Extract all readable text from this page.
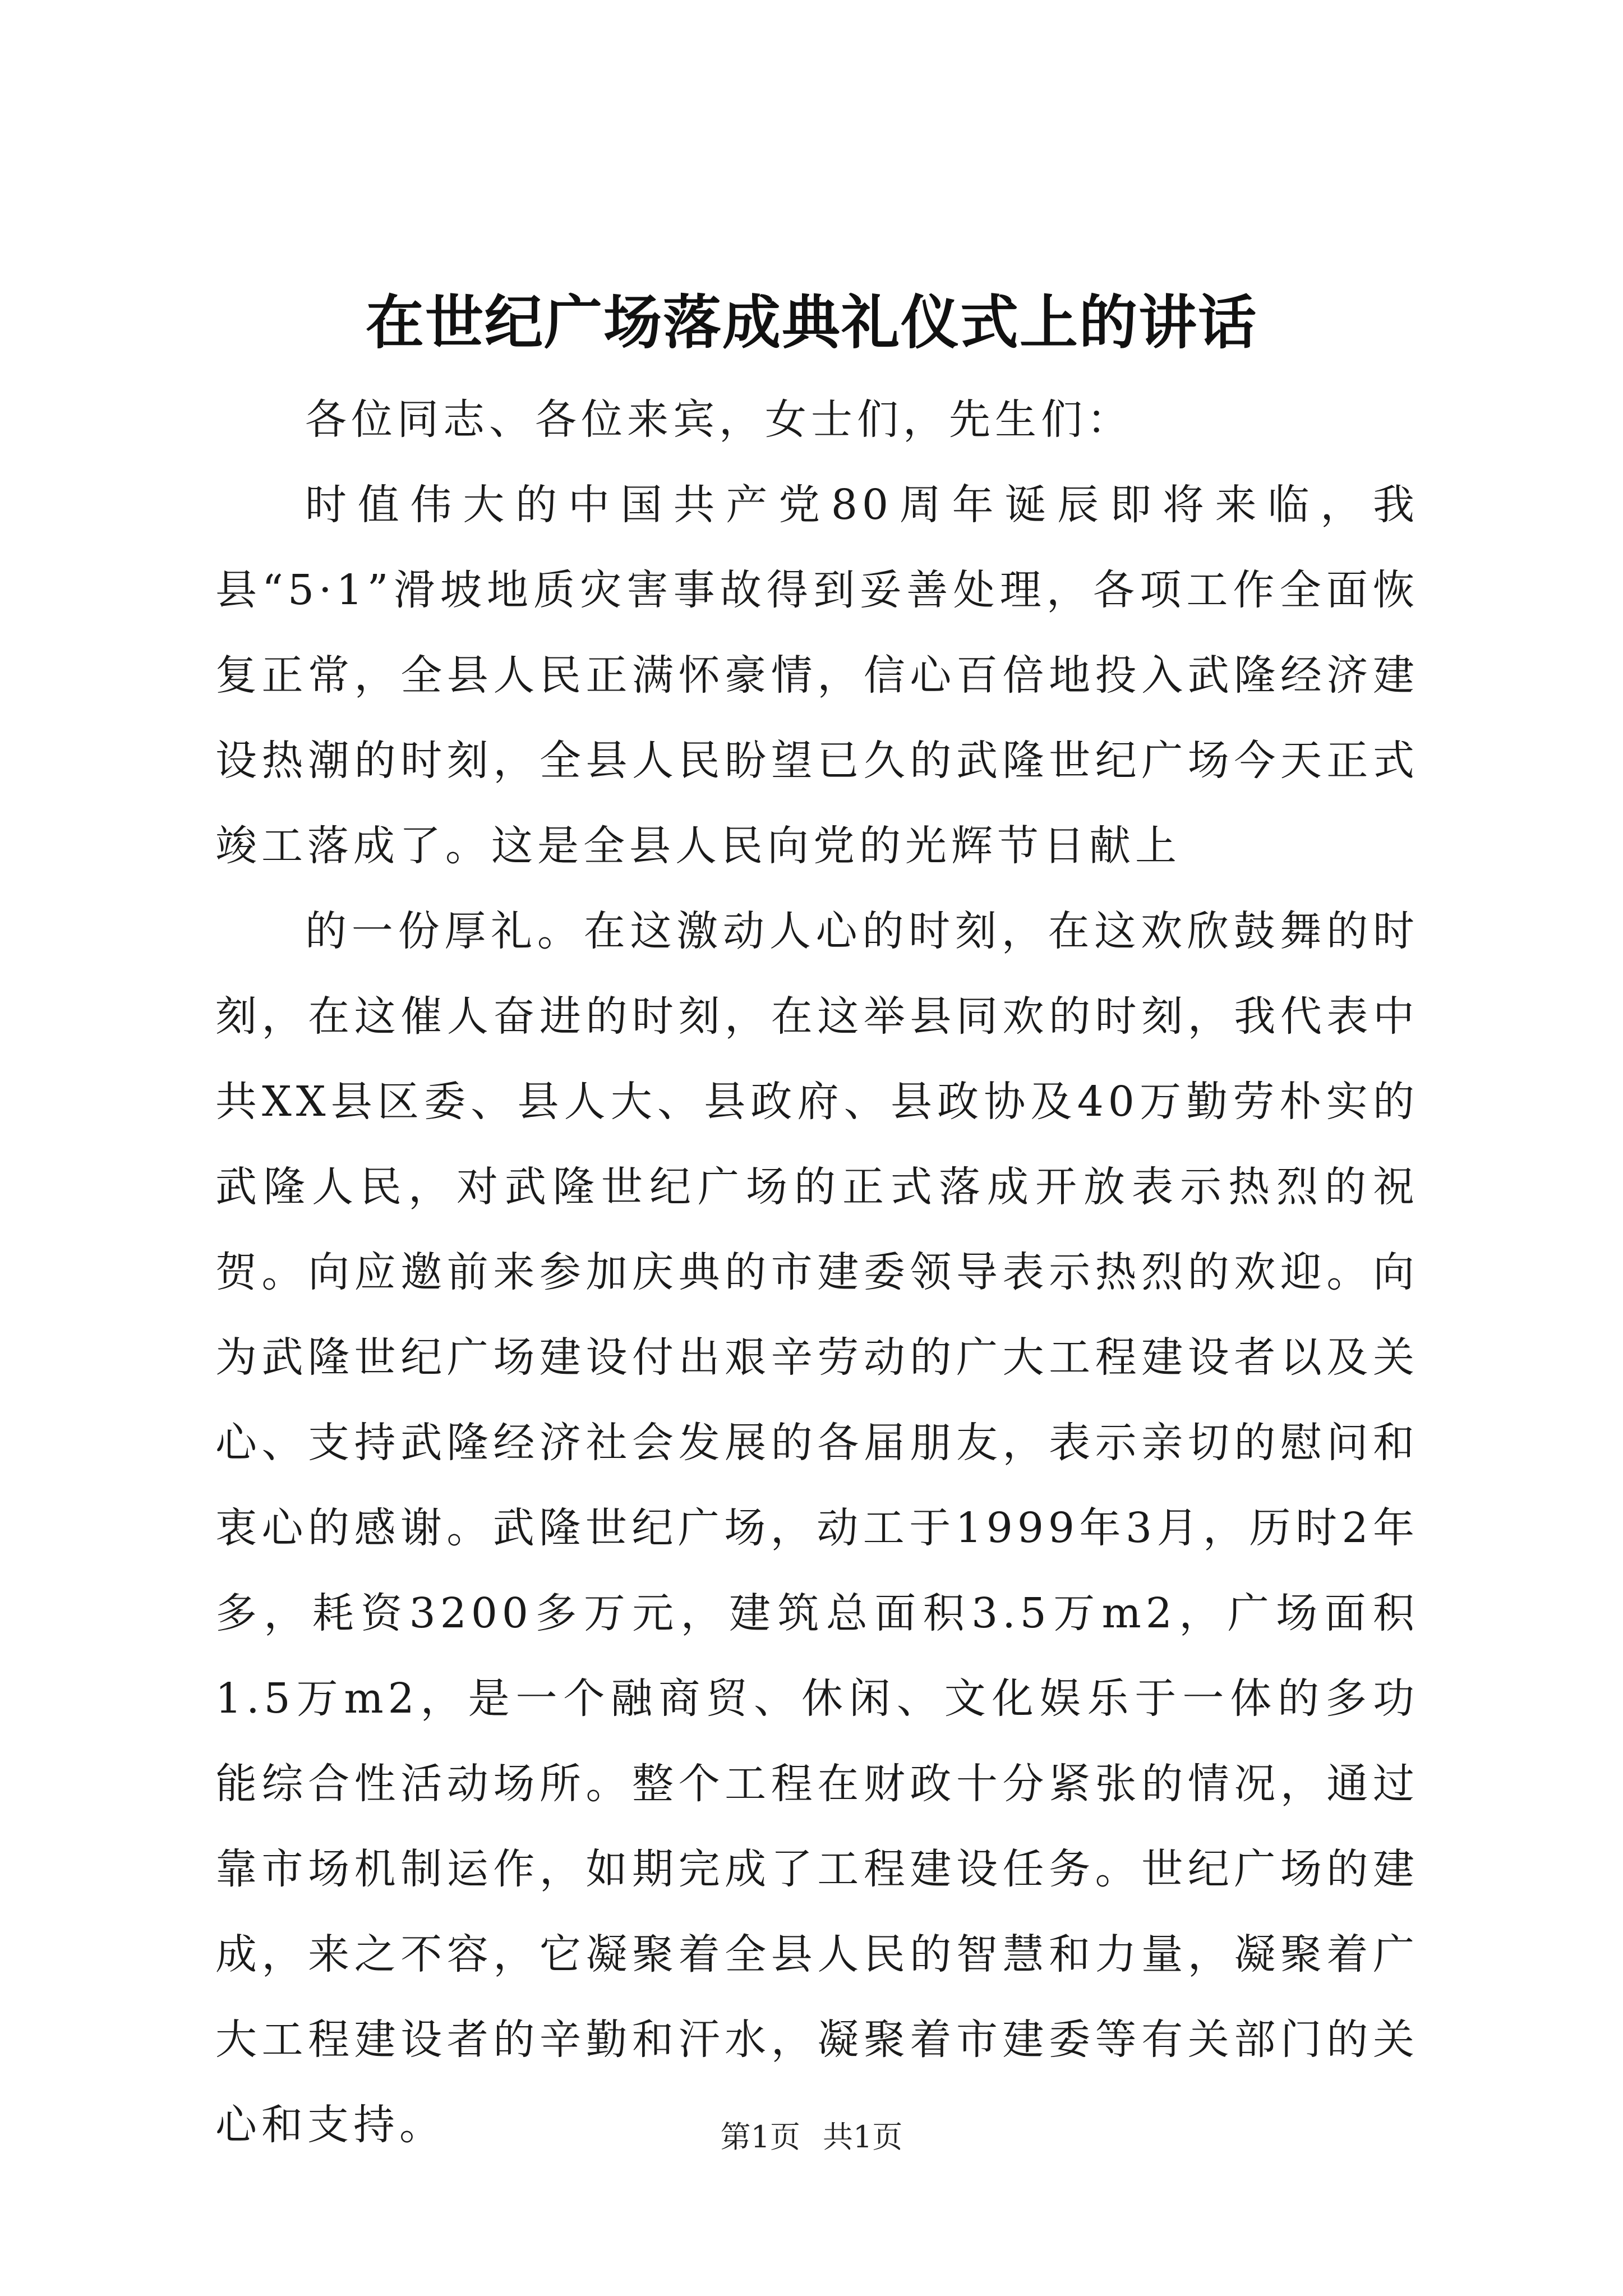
在世纪广场落成典礼仪式上的讲话

各位同志、各位来宾，女士们，先生们：

时值伟大的中国共产党80周年诞辰即将来临，我县“5·1”滑坡地质灾害事故得到妥善处理，各项工作全面恢复正常，全县人民正满怀豪情，信心百倍地投入武隆经济建设热潮的时刻，全县人民盼望已久的武隆世纪广场今天正式竣工落成了。这是全县人民向党的光辉节日献上

的一份厚礼。在这激动人心的时刻，在这欢欣鼓舞的时刻，在这催人奋进的时刻，在这举县同欢的时刻，我代表中共XX县区委、县人大、县政府、县政协及40万勤劳朴实的武隆人民，对武隆世纪广场的正式落成开放表示热烈的祝贺。向应邀前来参加庆典的市建委领导表示热烈的欢迎。向为武隆世纪广场建设付出艰辛劳动的广大工程建设者以及关心、支持武隆经济社会发展的各届朋友，表示亲切的慰问和衷心的感谢。武隆世纪广场，动工于1999年3月，历时2年多，耗资3200多万元，建筑总面积3.5万m2，广场面积1.5万m2，是一个融商贸、休闲、文化娱乐于一体的多功能综合性活动场所。整个工程在财政十分紧张的情况，通过靠市场机制运作，如期完成了工程建设任务。世纪广场的建成，来之不容，它凝聚着全县人民的智慧和力量，凝聚着广大工程建设者的辛勤和汗水，凝聚着市建委等有关部门的关心和支持。	第1页 共1页
